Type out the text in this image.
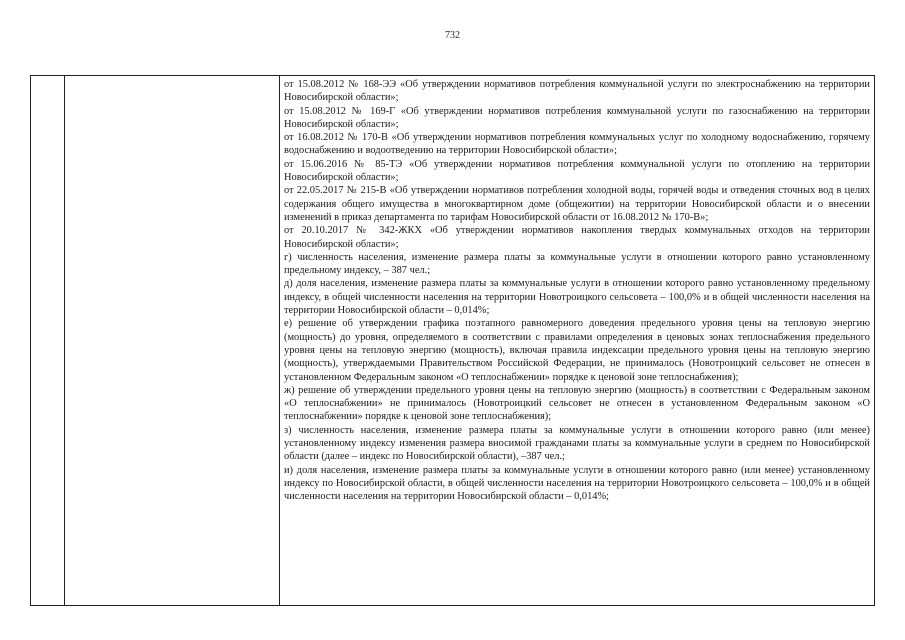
732

от 15.08.2012 № 168-ЭЭ «Об утверждении нормативов потребления коммунальной услуги по электроснабжению на территории Новосибирской области»;

от 15.08.2012 № 169-Г «Об утверждении нормативов потребления коммунальной услуги по газоснабжению на территории Новосибирской области»;

от 16.08.2012 № 170-В «Об утверждении нормативов потребления коммунальных услуг по холодному водоснабжению, горячему водоснабжению и водоотведению на территории Новосибирской области»;

от 15.06.2016 № 85-ТЭ «Об утверждении нормативов потребления коммунальной услуги по отоплению на территории Новосибирской области»;

от 22.05.2017 № 215-В «Об утверждении нормативов потребления холодной воды, горячей воды и отведения сточных вод в целях содержания общего имущества в многоквартирном доме (общежитии) на территории Новосибирской области и о внесении изменений в приказ департамента по тарифам Новосибирской области от 16.08.2012 № 170-В»;

от 20.10.2017 № 342-ЖКХ «Об утверждении нормативов накопления твердых коммунальных отходов на территории Новосибирской области»;

г) численность населения, изменение размера платы за коммунальные услуги в отношении которого равно установленному предельному индексу, – 387 чел.;

д) доля населения, изменение размера платы за коммунальные услуги в отношении которого равно установленному предельному индексу, в общей численности населения на территории Новотроицкого сельсовета – 100,0% и в общей численности населения на территории Новосибирской области – 0,014%;

е) решение об утверждении графика поэтапного равномерного доведения предельного уровня цены на тепловую энергию (мощность) до уровня, определяемого в соответствии с правилами определения в ценовых зонах теплоснабжения предельного уровня цены на тепловую энергию (мощность), включая правила индексации предельного уровня цены на тепловую энергию (мощность), утверждаемыми Правительством Российской Федерации, не принималось (Новотроицкий сельсовет не отнесен в установленном Федеральным законом «О теплоснабжении» порядке к ценовой зоне теплоснабжения);

ж) решение об утверждении предельного уровня цены на тепловую энергию (мощность) в соответствии с Федеральным законом «О теплоснабжении» не принималось (Новотроицкий сельсовет не отнесен в установленном Федеральным законом «О теплоснабжении» порядке к ценовой зоне теплоснабжения);

з) численность населения, изменение размера платы за коммунальные услуги в отношении которого равно (или менее) установленному индексу изменения размера вносимой гражданами платы за коммунальные услуги в среднем по Новосибирской области (далее – индекс по Новосибирской области), –387 чел.;

и) доля населения, изменение размера платы за коммунальные услуги в отношении которого равно (или менее) установленному индексу по Новосибирской области, в общей численности населения на территории Новотроицкого сельсовета – 100,0% и в общей численности населения на территории Новосибирской области – 0,014%;
